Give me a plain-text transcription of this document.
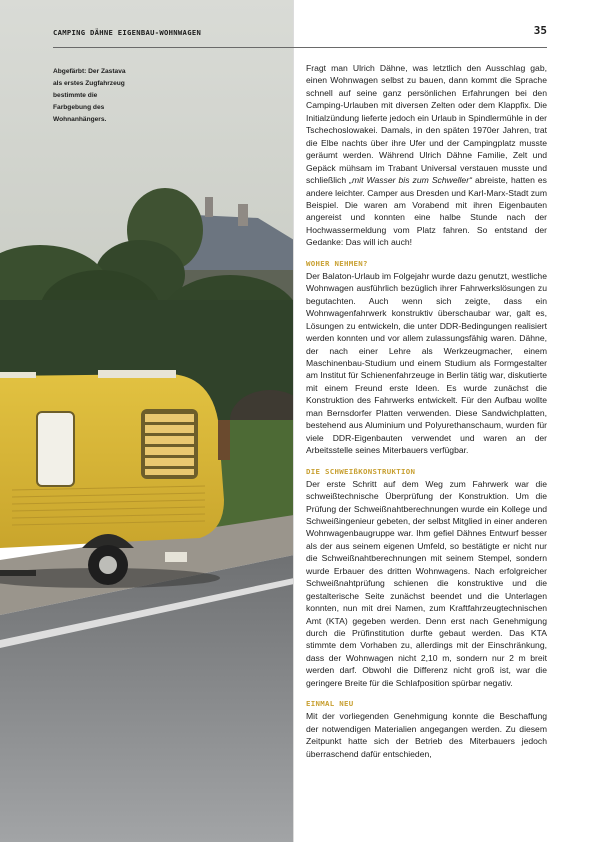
CAMPING DÄHNE EIGENBAU-WOHNWAGEN	35
Abgefärbt: Der Zastava als erstes Zugfahrzeug bestimmte die Farbgebung des Wohnanhängers.

Fragt man Ulrich Dähne, was letztlich den Ausschlag gab, einen Wohnwagen selbst zu bauen, dann kommt die Sprache schnell auf seine ganz persönlichen Erfahrungen bei den Camping-Urlauben mit diversen Zelten oder dem Klappfix. Die Initialzündung lieferte jedoch ein Urlaub in Spindlermühle in der Tschechoslowakei. Damals, in den späten 1970er Jahren, trat die Elbe nachts über ihre Ufer und der Campingplatz musste geräumt werden. Während Ulrich Dähne Familie, Zelt und Gepäck mühsam im Trabant Universal verstauen musste und schließlich „mit Wasser bis zum Schweller“ abreiste, hatten es andere leichter. Camper aus Dresden und Karl-Marx-Stadt zum Beispiel. Die waren am Vorabend mit ihren Eigenbauten angereist und konnten eine halbe Stunde nach der Hochwassermeldung vom Platz fahren. So entstand der Gedanke: Das will ich auch!

WOHER NEHMEN?

Der Balaton-Urlaub im Folgejahr wurde dazu genutzt, westliche Wohnwagen ausführlich bezüglich ihrer Fahrwerkslösungen zu begutachten. Auch wenn sich zeigte, dass ein Wohnwagenfahrwerk konstruktiv überschaubar war, galt es, Lösungen zu entwickeln, die unter DDR-Bedingungen realisiert werden konnten und vor allem zulassungsfähig waren. Dähne, der nach einer Lehre als Werkzeugmacher, einem Maschinenbau-Studium und einem Studium als Formgestalter am Institut für Schienenfahrzeuge in Berlin tätig war, diskutierte mit einem Freund erste Ideen. Es wurde zunächst die Konstruktion des Fahrwerks entwickelt. Für den Aufbau wollte man Bernsdorfer Platten verwenden. Diese Sandwichplatten, bestehend aus Aluminium und Polyurethanschaum, wurden für viele DDR-Eigenbauten verwendet und waren an der Arbeitsstelle seines Miterbauers verfügbar.

DIE SCHWEIßKONSTRUKTION

Der erste Schritt auf dem Weg zum Fahrwerk war die schweißtechnische Überprüfung der Konstruktion. Um die Prüfung der Schweißnahtberechnungen wurde ein Kollege und Schweißingenieur gebeten, der selbst Mitglied in einer anderen Wohnwagenbaugruppe war. Ihm gefiel Dähnes Entwurf besser als der aus seinem eigenen Umfeld, so bestätigte er nicht nur die Schweißnahtberechnungen mit seinem Stempel, sondern wurde Erbauer des dritten Wohnwagens. Nach erfolgreicher Schweißnahtprüfung schienen die konstruktive und die gestalterische Seite zunächst beendet und die Unterlagen konnten, nun mit drei Namen, zum Kraftfahrzeugtechnischen Amt (KTA) gegeben werden. Denn erst nach Genehmigung durch die Prüfinstitution durfte gebaut werden. Das KTA stimmte dem Vorhaben zu, allerdings mit der Einschränkung, dass der Wohnwagen nicht 2,10 m, sondern nur 2 m breit werden darf. Obwohl die Differenz nicht groß ist, war die geringere Breite für die Schlafposition spürbar negativ.

EINMAL NEU

Mit der vorliegenden Genehmigung konnte die Beschaffung der notwendigen Materialien angegangen werden. Zu diesem Zeitpunkt hatte sich der Betrieb des Miterbauers jedoch überraschend dafür entschieden,
